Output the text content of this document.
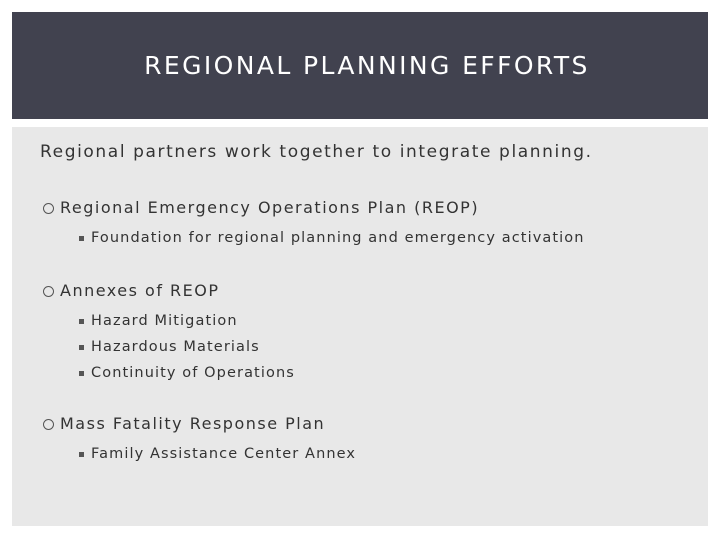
REGIONAL PLANNING EFFORTS
Regional partners work together to integrate planning.
Regional Emergency Operations Plan (REOP)
Foundation for regional planning and emergency activation
Annexes of REOP
Hazard Mitigation
Hazardous Materials
Continuity of Operations
Mass Fatality Response Plan
Family Assistance Center Annex
